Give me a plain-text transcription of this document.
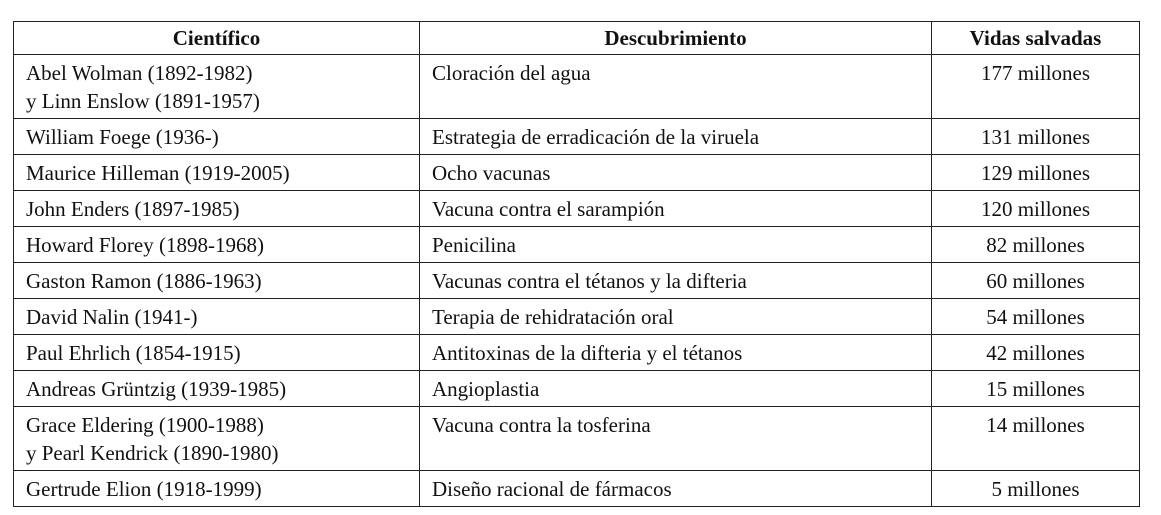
Científico	Descubrimiento	Vidas salvadas

Abel Wolman (1892-1982)
y Linn Enslow (1891-1957)	Cloración del agua	177 millones

William Foege (1936-)	Estrategia de erradicación de la viruela	131 millones

Maurice Hilleman (1919-2005)	Ocho vacunas	129 millones

John Enders (1897-1985)	Vacuna contra el sarampión	120 millones

Howard Florey (1898-1968)	Penicilina	82 millones

Gaston Ramon (1886-1963)	Vacunas contra el tétanos y la difteria	60 millones

David Nalin (1941-)	Terapia de rehidratación oral	54 millones

Paul Ehrlich (1854-1915)	Antitoxinas de la difteria y el tétanos	42 millones

Andreas Grüntzig (1939-1985)	Angioplastia	15 millones

Grace Eldering (1900-1988)
y Pearl Kendrick (1890-1980)	Vacuna contra la tosferina	14 millones

Gertrude Elion (1918-1999)	Diseño racional de fármacos	5 millones
